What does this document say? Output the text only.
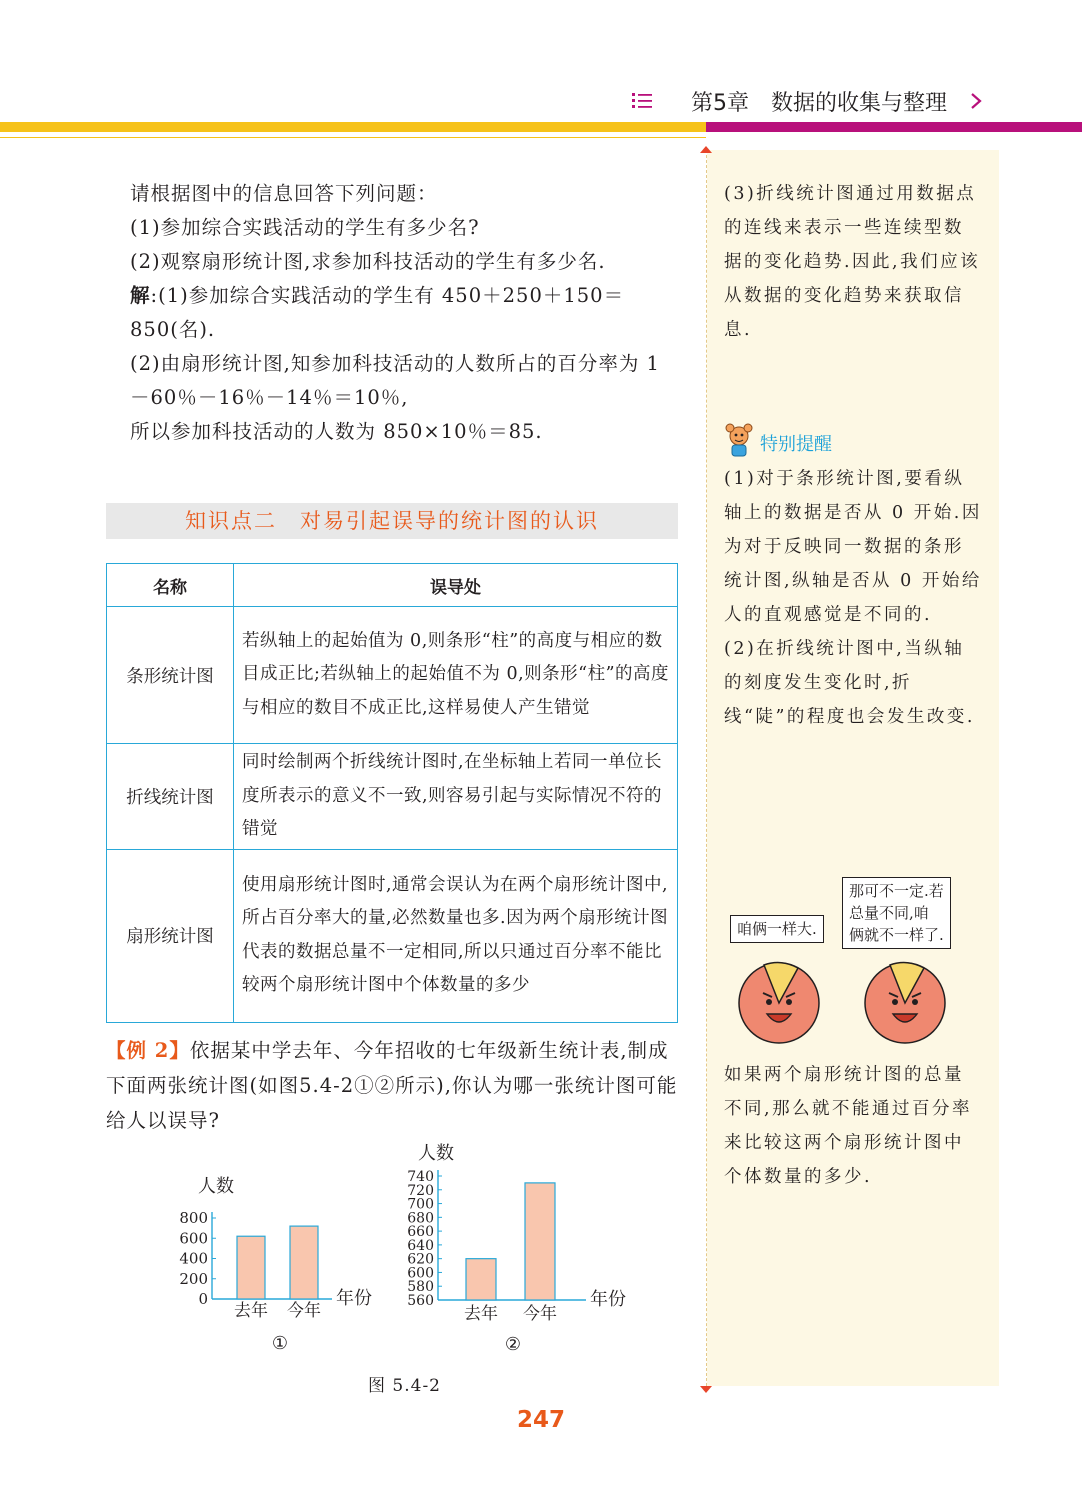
第5章　 数据的收集与整理

请根据图中的信息回答下列问题：

(1)参加综合实践活动的学生有多少名?

(2)观察扇形统计图,求参加科技活动的学生有多少名.

解:(1)参加综合实践活动的学生有 450＋250＋150＝850(名).

(2)由扇形统计图,知参加科技活动的人数所占的百分率为 1－60％－16％－14％＝10％,

所以参加科技活动的人数为 850×10％＝85.

知识点二　对易引起误导的统计图的认识
名称	误导处
条形统计图	若纵轴上的起始值为 0,则条形“柱”的高度与相应的数目成正比;若纵轴上的起始值不为 0,则条形“柱”的高度与相应的数目不成正比,这样易使人产生错觉
折线统计图	同时绘制两个折线统计图时,在坐标轴上若同一单位长度所表示的意义不一致,则容易引起与实际情况不符的错觉
扇形统计图	使用扇形统计图时,通常会误认为在两个扇形统计图中,所占百分率大的量,必然数量也多.因为两个扇形统计图代表的数据总量不一定相同,所以只通过百分率不能比较两个扇形统计图中个体数量的多少
【例 2】依据某中学去年、今年招收的七年级新生统计表,制成下面两张统计图(如图5.4-2①②所示),你认为哪一张统计图可能给人以误导?
0
200
400
600
800
去年 今年
人数
年份
①
560
580
600
620
640
660
680
700
720
740
去年 今年
人数
年份
②
图 5.4-2

(3)折线统计图通过用数据点的连线来表示一些连续型数据的变化趋势.因此,我们应该从数据的变化趋势来获取信息.

特别提醒

(1)对于条形统计图,要看纵轴上的数据是否从 0 开始.因为对于反映同一数据的条形统计图,纵轴是否从 0 开始给人的直观感觉是不同的.

(2)在折线统计图中,当纵轴的刻度发生变化时,折线“陡”的程度也会发生改变.

咱俩一样大.
那可不一定.若
总量不同,咱
俩就不一样了.

如果两个扇形统计图的总量不同,那么就不能通过百分率来比较这两个扇形统计图中个体数量的多少.

247
